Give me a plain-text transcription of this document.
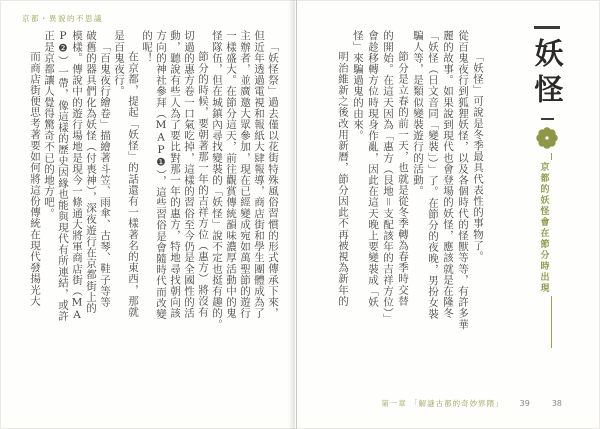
京都・異貌的不思議
「妖怪祭」過去僅以花街特殊風俗習慣的形式傳承下來，
但近年透過電視和報紙大肆報導，商店街和學生團體成為了
主辦者，並廣邀大眾參加，現在已經變成宛如萬聖節的遊行
一樣盛大。在節分這天，前往觀賞傳統韻味濃厚活動中的鬼
怪隊伍，但在城鎮內尋找變裝的「妖怪」說不定也挺有趣的。
節分的時候，要朝著那一年的吉祥方位（惠方）將沒有
切過的惠方卷一口氣吃掉，這樣的習俗至今仍是全國性的活
動，聽說有些人為了要比對那一年的惠方，特地尋找朝向該
方向的神社參拜（MAP❶），這些習俗是會隨時代而改變
的呢！
在京都，提起「妖怪」的話還有一樣著名的東西，那就
是百鬼夜行。
「百鬼夜行繪卷」描繪著斗笠、雨傘、古琴、鞋子等等
破舊的器具們化為妖怪（付喪神），深夜遊行在京都街上的
模樣。傳說中的遊行場地是現今一條通大將軍商店街（MA
P❷）一帶，像這樣的歷史因緣也能與現代有所連結，或許
正是京都讓人覺得驚奇不已的地方吧。
而商店街便思考著要如何將這份傳統在現代發揚光大	「妖怪」可說是冬季最具代表性的事物了。
從百鬼夜行到狐狸妖怪，以及各個時代的怪獸等等，有許多華
麗的故事。如果說到現代也會登場的妖怪，應該就是在隆冬
「妖怪（日文音同「變裝」）」了。在節分的夜晚，男扮女裝
騙人等，是類似變裝遊行的活動。
節分是立春的前一天，也就是從冬季轉為春季時交替
的開始。在這天因為「惠方（艮地＝支配該年的吉祥方位）」
會趁移轉方位時現身作亂，因此在這天晚上要變裝成「妖
怪」來騙過鬼的由來。
明治維新之後改用新曆，節分因此不再被視為新年的	妖怪
京都的妖怪會在節分時出現
第一章 「解謎古都的奇妙界隈」 39	38
